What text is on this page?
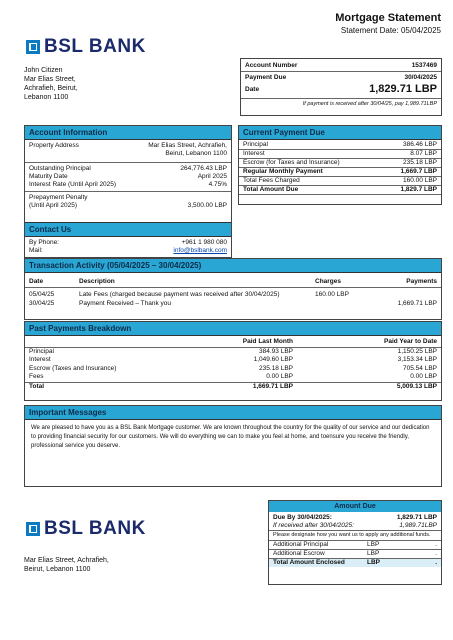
Mortgage Statement
Statement Date: 05/04/2025
BSL BANK
John Citizen
Mar Elias Street,
Achrafieh, Beirut,
Lebanon 1100
Account Number	1537469
Payment Due	30/04/2025
Date	1,829.71 LBP
If payment is received after 30/04/25, pay 1,989.71LBP
Account Information
Property Address	Mar Elias Street, Achrafieh,
Beirut, Lebanon 1100
Outstanding Principal	264,776.43 LBP
Maturity Date	April 2025
Interest Rate (Until April 2025)	4.75%
Prepayment Penalty
(Until April 2025)	3,500.00 LBP
Contact Us
By Phone:	+961 1 980 080
Mail:	info@bslbank.com
Current Payment Due
Principal	386.46 LBP
Interest	8.07 LBP
Escrow (for Taxes and Insurance)	235.18 LBP
Regular Monthly Payment	1,669.7 LBP
Total Fees Charged	160.00 LBP
Total Amount Due	1,829.7 LBP
Transaction Activity (05/04/2025 – 30/04/2025)
Date	Description	Charges	Payments

05/04/25	Late Fees (charged because payment was received after 30/04/2025)	160.00 LBP	
30/04/25	Payment Received – Thank you		1,669.71 LBP
Past Payments Breakdown
	Paid Last Month	Paid Year to Date
Principal	384.93 LBP	1,150.25 LBP
Interest	1,049.60 LBP	3,153.34 LBP
Escrow (Taxes and Insurance)	235.18 LBP	705.54 LBP
Fees	0.00 LBP	0.00 LBP
Total	1,669.71 LBP	5,009.13 LBP
Important Messages
We are pleased to have you as a BSL Bank Mortgage customer. We are known throughout the country for the quality of our service and our dedication to providing financial security for our customers. We will do everything we can to make you feel at home, and toensure you receive the friendly, professional service you deserve.
BSL BANK
Mar Elias Street, Achrafieh,
Beirut, Lebanon 1100
Amount Due
Due By 30/04/2025:	1,829.71 LBP
If received after 30/04/2025:	1,989.71LBP
Please designate how you want us to apply any additional funds.
Additional Principal	LBP	.
Additional Escrow	LBP	.
Total Amount Enclosed	LBP	.
